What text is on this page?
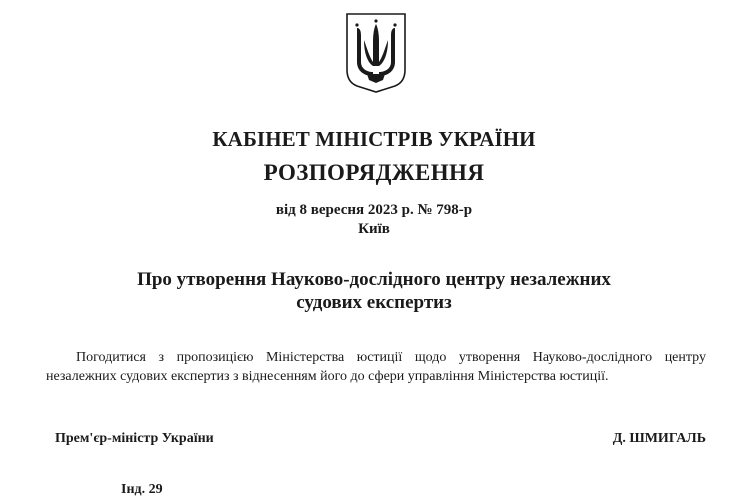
КАБІНЕТ МІНІСТРІВ УКРАЇНИ
РОЗПОРЯДЖЕННЯ
від 8 вересня 2023 р. № 798-р
Київ
Про утворення Науково-дослідного центру незалежних
судових експертиз
Погодитися з пропозицією Міністерства юстиції щодо утворення Науково-дослідного центру незалежних судових експертиз з віднесенням його до сфери управління Міністерства юстиції.
Прем'єр-міністр України	Д. ШМИГАЛЬ
Інд. 29
